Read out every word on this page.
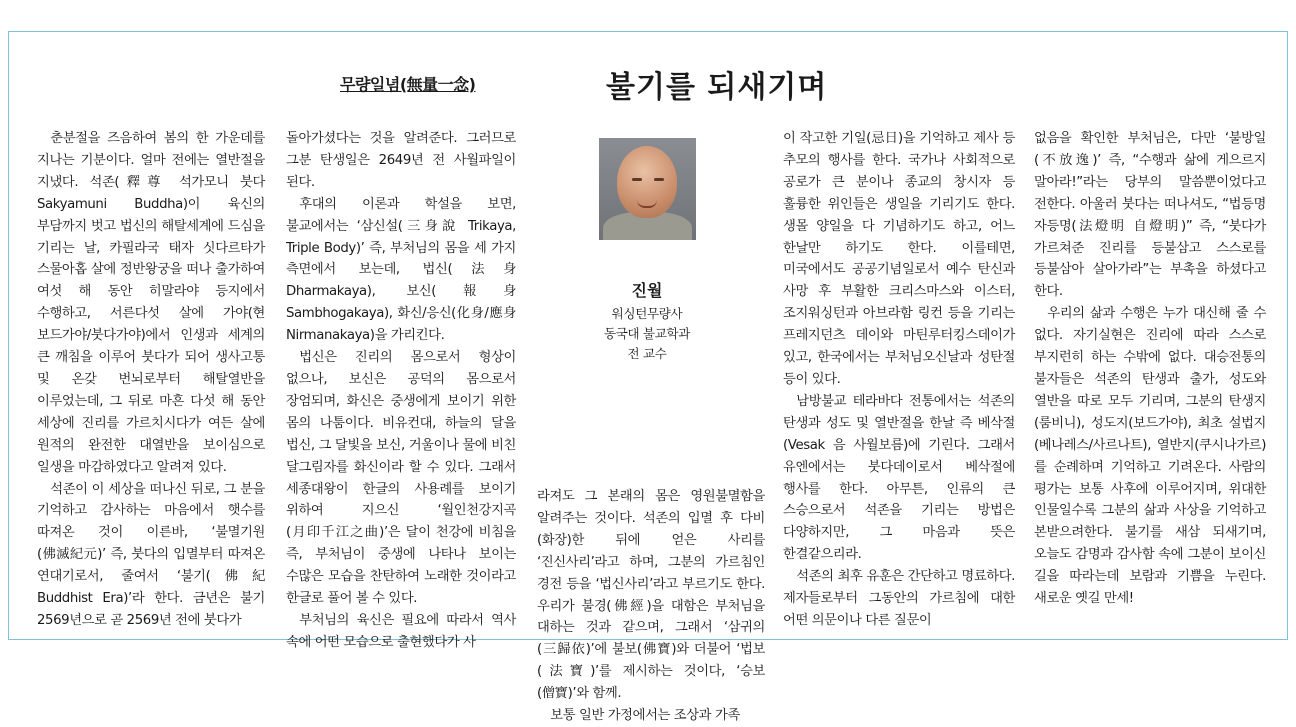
무량일념(無量一念)	불기를 되새기며

춘분절을 즈음하여 봄의 한 가운데를 지나는 기분이다. 얼마 전에는 열반절을 지냈다. 석존(釋尊 석가모니 붓다 Sakyamuni Buddha)이 육신의 부담까지 벗고 법신의 해탈세계에 드심을 기리는 날, 카필라국 태자 싯다르타가 스물아홉 살에 정반왕궁을 떠나 출가하여 여섯 해 동안 히말라야 등지에서 수행하고, 서른다섯 살에 가야(현 보드가야/붓다가야)에서 인생과 세계의 큰 깨침을 이루어 붓다가 되어 생사고통 및 온갖 번뇌로부터 해탈열반을 이루었는데, 그 뒤로 마흔 다섯 해 동안 세상에 진리를 가르치시다가 여든 살에 원적의 완전한 대열반을 보이심으로 일생을 마감하였다고 알려져 있다.

석존이 이 세상을 떠나신 뒤로, 그 분을 기억하고 감사하는 마음에서 햇수를 따져온 것이 이른바, ‘불멸기원(佛滅紀元)’ 즉, 붓다의 입멸부터 따져온 연대기로서, 줄여서 ‘불기(佛紀 Buddhist Era)’라 한다. 금년은 불기 2569년으로 곧 2569년 전에 붓다가

돌아가셨다는 것을 알려준다. 그러므로 그분 탄생일은 2649년 전 사월파일이 된다.

후대의 이론과 학설을 보면, 불교에서는 ‘삼신설(三身說 Trikaya, Triple Body)’ 즉, 부처님의 몸을 세 가지 측면에서 보는데, 법신(法身 Dharmakaya), 보신(報身 Sambhogakaya), 화신/응신(化身/應身 Nirmanakaya)을 가리킨다.

법신은 진리의 몸으로서 형상이 없으나, 보신은 공덕의 몸으로서 장엄되며, 화신은 중생에게 보이기 위한 몸의 나툼이다. 비유컨대, 하늘의 달을 법신, 그 달빛을 보신, 거울이나 물에 비친 달그림자를 화신이라 할 수 있다. 그래서 세종대왕이 한글의 사용례를 보이기 위하여 지으신 ‘월인천강지곡(月印千江之曲)’은 달이 천강에 비침을 즉, 부처님이 중생에 나타나 보이는 수많은 모습을 찬탄하여 노래한 것이라고 한글로 풀어 볼 수 있다.

부처님의 육신은 필요에 따라서 역사 속에 어떤 모습으로 출현했다가 사

진월
워싱턴무량사
동국대 불교학과
전 교수

라져도 그 본래의 몸은 영원불멸함을 알려주는 것이다. 석존의 입멸 후 다비(화장)한 뒤에 얻은 사리를 ‘진신사리’라고 하며, 그분의 가르침인 경전 등을 ‘법신사리’라고 부르기도 한다. 우리가 불경(佛經)을 대함은 부처님을 대하는 것과 같으며, 그래서 ‘삼귀의(三歸依)’에 불보(佛寶)와 더불어 ‘법보(法寶)’를 제시하는 것이다, ‘승보(僧寶)’와 함께.

보통 일반 가정에서는 조상과 가족

이 작고한 기일(忌日)을 기억하고 제사 등 추모의 행사를 한다. 국가나 사회적으로 공로가 큰 분이나 종교의 창시자 등 훌륭한 위인들은 생일을 기리기도 한다. 생몰 양일을 다 기념하기도 하고, 어느 한날만 하기도 한다. 이를테면, 미국에서도 공공기념일로서 예수 탄신과 사망 후 부활한 크리스마스와 이스터, 조지워싱턴과 아브라함 링컨 등을 기리는 프레지던츠 데이와 마틴루터킹스데이가 있고, 한국에서는 부처님오신날과 성탄절 등이 있다.

남방불교 테라바다 전통에서는 석존의 탄생과 성도 및 열반절을 한날 즉 베삭절(Vesak 음 사월보름)에 기린다. 그래서 유엔에서는 붓다데이로서 베삭절에 행사를 한다. 아무튼, 인류의 큰 스승으로서 석존을 기리는 방법은 다양하지만, 그 마음과 뜻은 한결같으리라.

석존의 최후 유훈은 간단하고 명료하다. 제자들로부터 그동안의 가르침에 대한 어떤 의문이나 다른 질문이

없음을 확인한 부처님은, 다만 ‘불방일(不放逸)’ 즉, “수행과 삶에 게으르지 말아라!”라는 당부의 말씀뿐이었다고 전한다. 아울러 붓다는 떠나셔도, “법등명 자등명(法燈明 自燈明)” 즉, “붓다가 가르쳐준 진리를 등불삼고 스스로를 등불삼아 살아가라”는 부촉을 하셨다고 한다.

우리의 삶과 수행은 누가 대신해 줄 수 없다. 자기실현은 진리에 따라 스스로 부지런히 하는 수밖에 없다. 대승전통의 불자들은 석존의 탄생과 출가, 성도와 열반을 따로 모두 기리며, 그분의 탄생지(룸비니), 성도지(보드가야), 최초 설법지(베나레스/사르나트), 열반지(쿠시나가르)를 순례하며 기억하고 기려온다. 사람의 평가는 보통 사후에 이루어지며, 위대한 인물일수록 그분의 삶과 사상을 기억하고 본받으려한다. 불기를 새삼 되새기며, 오늘도 감명과 감사함 속에 그분이 보이신 길을 따라는데 보람과 기쁨을 누린다. 새로운 옛길 만세!
